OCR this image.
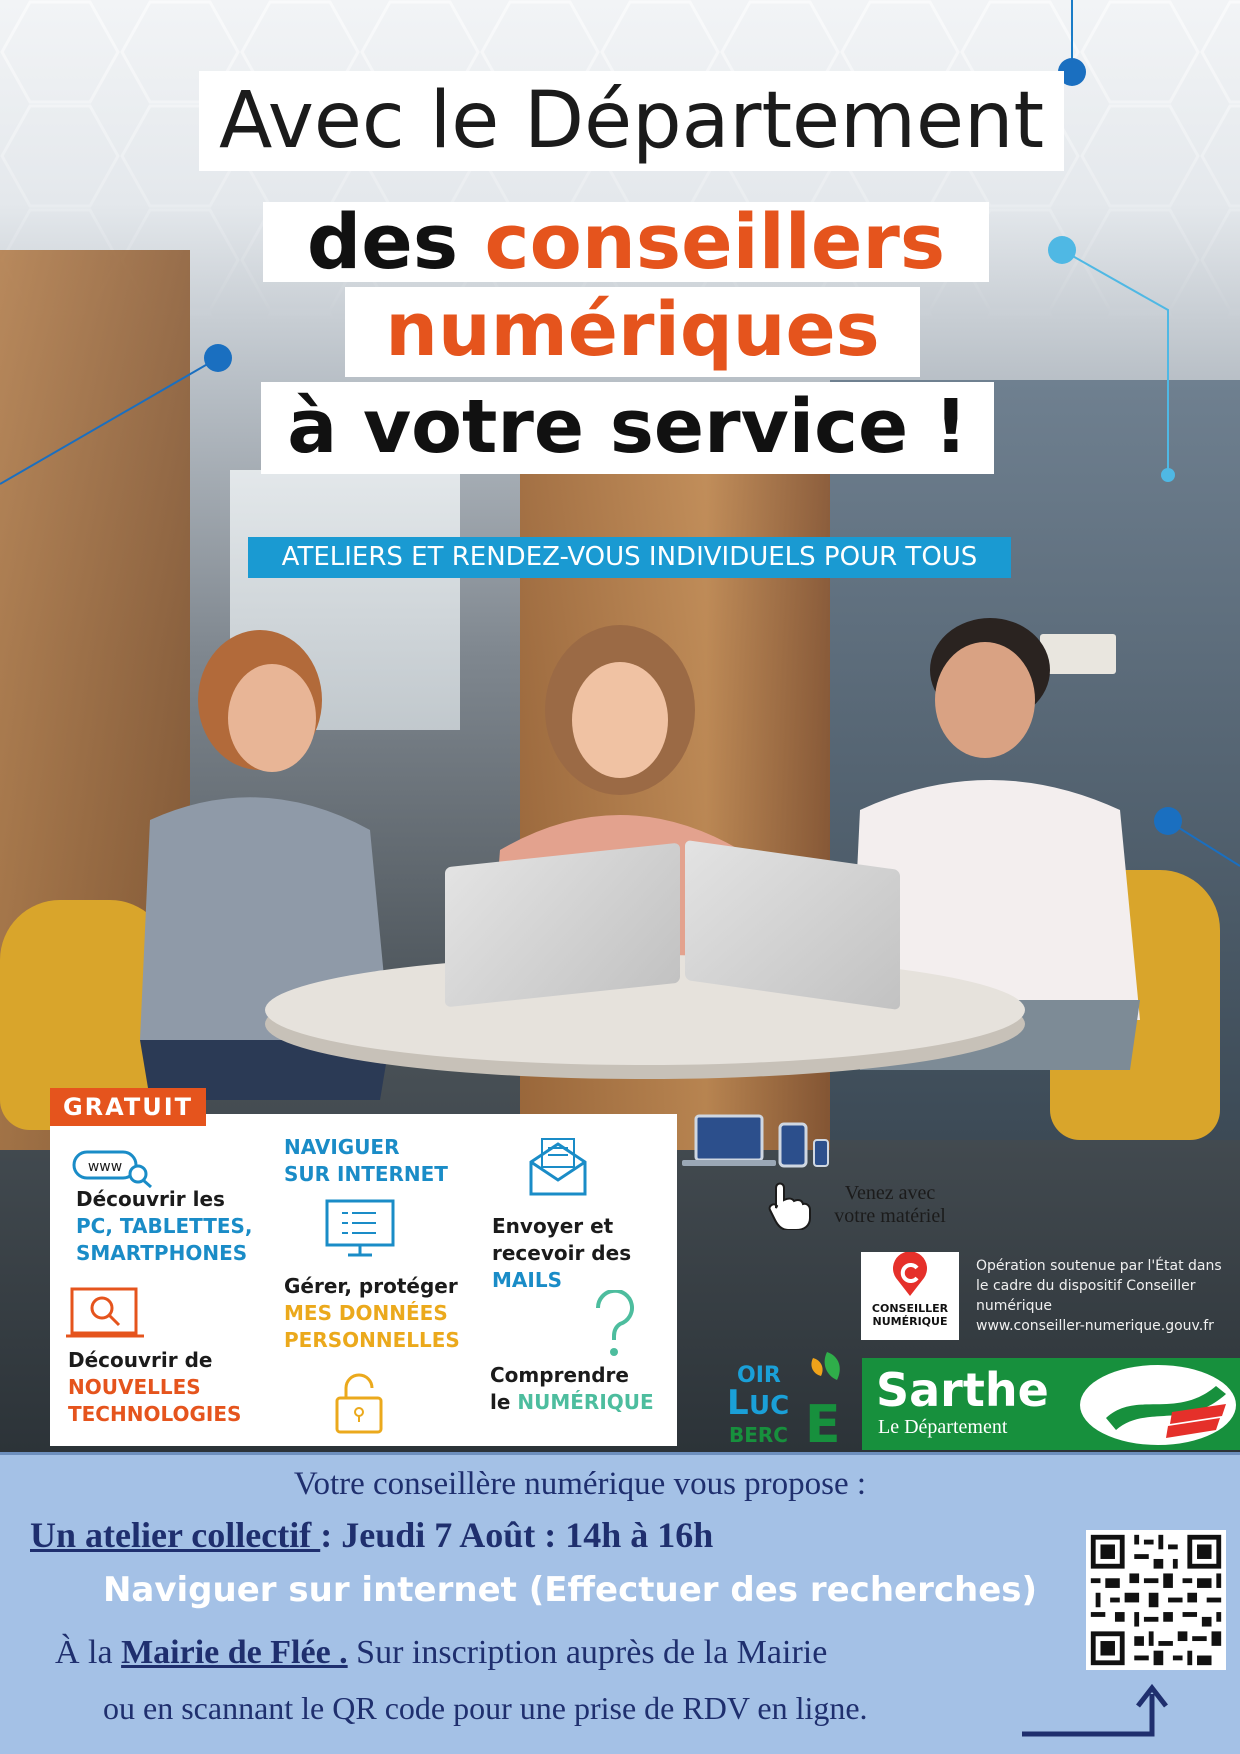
Avec le Département
des conseillers
numériques
à votre service !
ATELIERS ET RENDEZ-VOUS INDIVIDUELS POUR TOUS
www
Découvrir les
PC, TABLETTES,
SMARTPHONES
Découvrir de
NOUVELLES
TECHNOLOGIES
NAVIGUER
SUR INTERNET
Gérer, protéger
MES DONNÉES
PERSONNELLES
Envoyer et
recevoir des
MAILS
Comprendre
le NUMÉRIQUE
GRATUIT
Venez avec
votre matériel
CONSEILLER
NUMÉRIQUE
Opération soutenue par l'État dans
le cadre du dispositif Conseiller
numérique
www.conseiller-numerique.gouv.fr
OIR
L UC
BERC E
Sarthe
Le Département
Votre conseillère numérique vous propose :
Un atelier collectif : Jeudi 7 Août : 14h à 16h
Naviguer sur internet (Effectuer des recherches)
À la Mairie de Flée . Sur inscription auprès de la Mairie
ou en scannant le QR code pour une prise de RDV en ligne.
